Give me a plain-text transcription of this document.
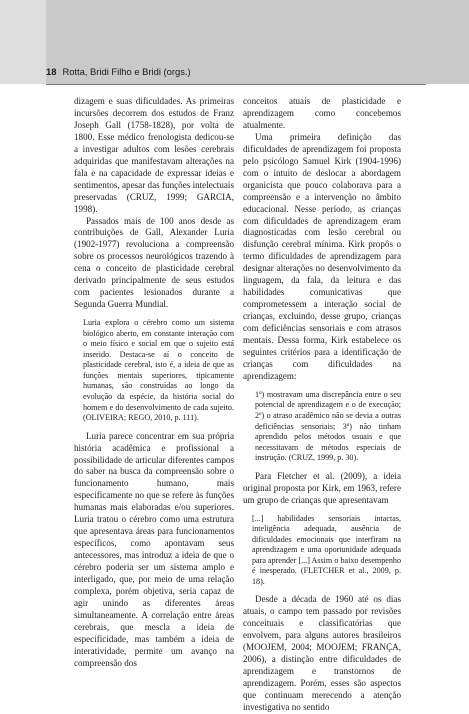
18 Rotta, Bridi Filho e Bridi (orgs.)

dizagem e suas dificuldades. As primeiras incursões decorrem dos estudos de Franz Joseph Gall (1758-1828), por volta de 1800. Esse médico frenologista dedicou-se a investigar adultos com lesões cerebrais adquiridas que manifestavam alterações na fala e na capacidade de expressar ideias e sentimentos, apesar das funções intelectuais preservadas (CRUZ, 1999; GARCIA, 1998).

Passados mais de 100 anos desde as contribuições de Gall, Alexander Luria (1902-1977) revoluciona a compreensão sobre os processos neurológicos trazendo à cena o conceito de plasticidade cerebral derivado principalmente de seus estudos com pacientes lesionados durante a Segunda Guerra Mundial.

Luria explora o cérebro como um sistema biológico aberto, em constante interação com o meio físico e social em que o sujeito está inserido. Destaca-se aí o conceito de plasticidade cerebral, isto é, a ideia de que as funções mentais superiores, tipicamente humanas, são construídas ao longo da evolução da espécie, da história social do homem e do desenvolvimento de cada sujeito. (OLIVEIRA; REGO, 2010, p. 111).

Luria parece concentrar em sua própria história acadêmica e profissional a possibilidade de articular diferentes campos do saber na busca da compreensão sobre o funcionamento humano, mais especificamente no que se refere às funções humanas mais elaboradas e/ou superiores. Luria tratou o cérebro como uma estrutura que apresentava áreas para funcionamentos específicos, como apontavam seus antecessores, mas introduz a ideia de que o cérebro poderia ser um sistema amplo e interligado, que, por meio de uma relação complexa, porém objetiva, seria capaz de agir unindo as diferentes áreas simultaneamente. A correlação entre áreas cerebrais, que mescla a ideia de especificidade, mas também a ideia de interatividade, permite um avanço na compreensão dos

conceitos atuais de plasticidade e aprendizagem como concebemos atualmente.

Uma primeira definição das dificuldades de aprendizagem foi proposta pelo psicólogo Samuel Kirk (1904-1996) com o intuito de deslocar a abordagem organicista que pouco colaborava para a compreensão e a intervenção no âmbito educacional. Nesse período, as crianças com dificuldades de aprendizagem eram diagnosticadas com lesão cerebral ou disfunção cerebral mínima. Kirk propôs o termo dificuldades de aprendizagem para designar alterações no desenvolvimento da linguagem, da fala, da leitura e das habilidades comunicativas que comprometessem a interação social de crianças, excluindo, desse grupo, crianças com deficiências sensoriais e com atrasos mentais. Dessa forma, Kirk estabelece os seguintes critérios para a identificação de crianças com dificuldades na aprendizagem:

1º) mostravam uma discrepância entre o seu potencial de aprendizagem e o de execução; 2º) o atraso acadêmico não se devia a outras deficiências sensoriais; 3º) não tinham aprendido pelos métodos usuais e que necessitavam de métodos especiais de instrução. (CRUZ, 1999, p. 30).

Para Fletcher et al. (2009), a ideia original proposta por Kirk, em 1963, refere um grupo de crianças que apresentavam

[...] habilidades sensoriais intactas, inteligência adequada, ausência de dificuldades emocionais que interfiram na aprendizagem e uma oportunidade adequada para aprender [...] Assim o baixo desempenho é inesperado. (FLETCHER et al., 2009, p. 18).

Desde a década de 1960 até os dias atuais, o campo tem passado por revisões conceituais e classificatórias que envolvem, para alguns autores brasileiros (MOOJEM, 2004; MOOJEM; FRANÇA, 2006), a distinção entre dificuldades de aprendizagem e transtornos de aprendizagem. Porém, esses são aspectos que continuam merecendo a atenção investigativa no sentido
